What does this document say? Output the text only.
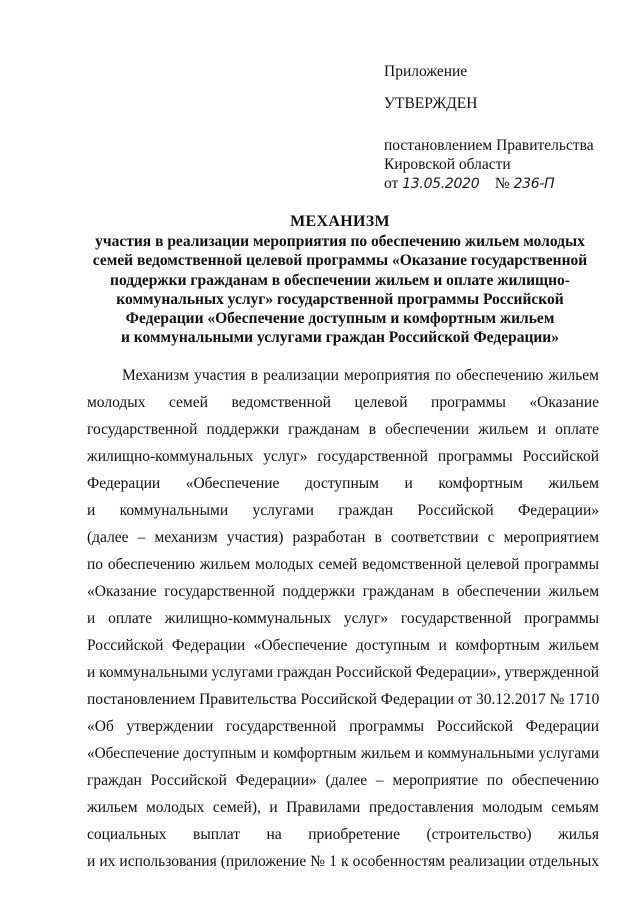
Приложение
УТВЕРЖДЕН
постановлением Правительства
Кировской области
от 13.05.2020 № 236-П
МЕХАНИЗМ
участия в реализации мероприятия по обеспечению жильем молодых
семей ведомственной целевой программы «Оказание государственной
поддержки гражданам в обеспечении жильем и оплате жилищно-
коммунальных услуг» государственной программы Российской
Федерации «Обеспечение доступным и комфортным жильем
и коммунальными услугами граждан Российской Федерации»
Механизм участия в реализации мероприятия по обеспечению жильем
молодых семей ведомственной целевой программы «Оказание
государственной поддержки гражданам в обеспечении жильем и оплате
жилищно-коммунальных услуг» государственной программы Российской
Федерации «Обеспечение доступным и комфортным жильем
и коммунальными услугами граждан Российской Федерации»
(далее – механизм участия) разработан в соответствии с мероприятием
по обеспечению жильем молодых семей ведомственной целевой программы
«Оказание государственной поддержки гражданам в обеспечении жильем
и оплате жилищно-коммунальных услуг» государственной программы
Российской Федерации «Обеспечение доступным и комфортным жильем
и коммунальными услугами граждан Российской Федерации», утвержденной
постановлением Правительства Российской Федерации от 30.12.2017 № 1710
«Об утверждении государственной программы Российской Федерации
«Обеспечение доступным и комфортным жильем и коммунальными услугами
граждан Российской Федерации» (далее – мероприятие по обеспечению
жильем молодых семей), и Правилами предоставления молодым семьям
социальных выплат на приобретение (строительство) жилья
и их использования (приложение № 1 к особенностям реализации отдельных
